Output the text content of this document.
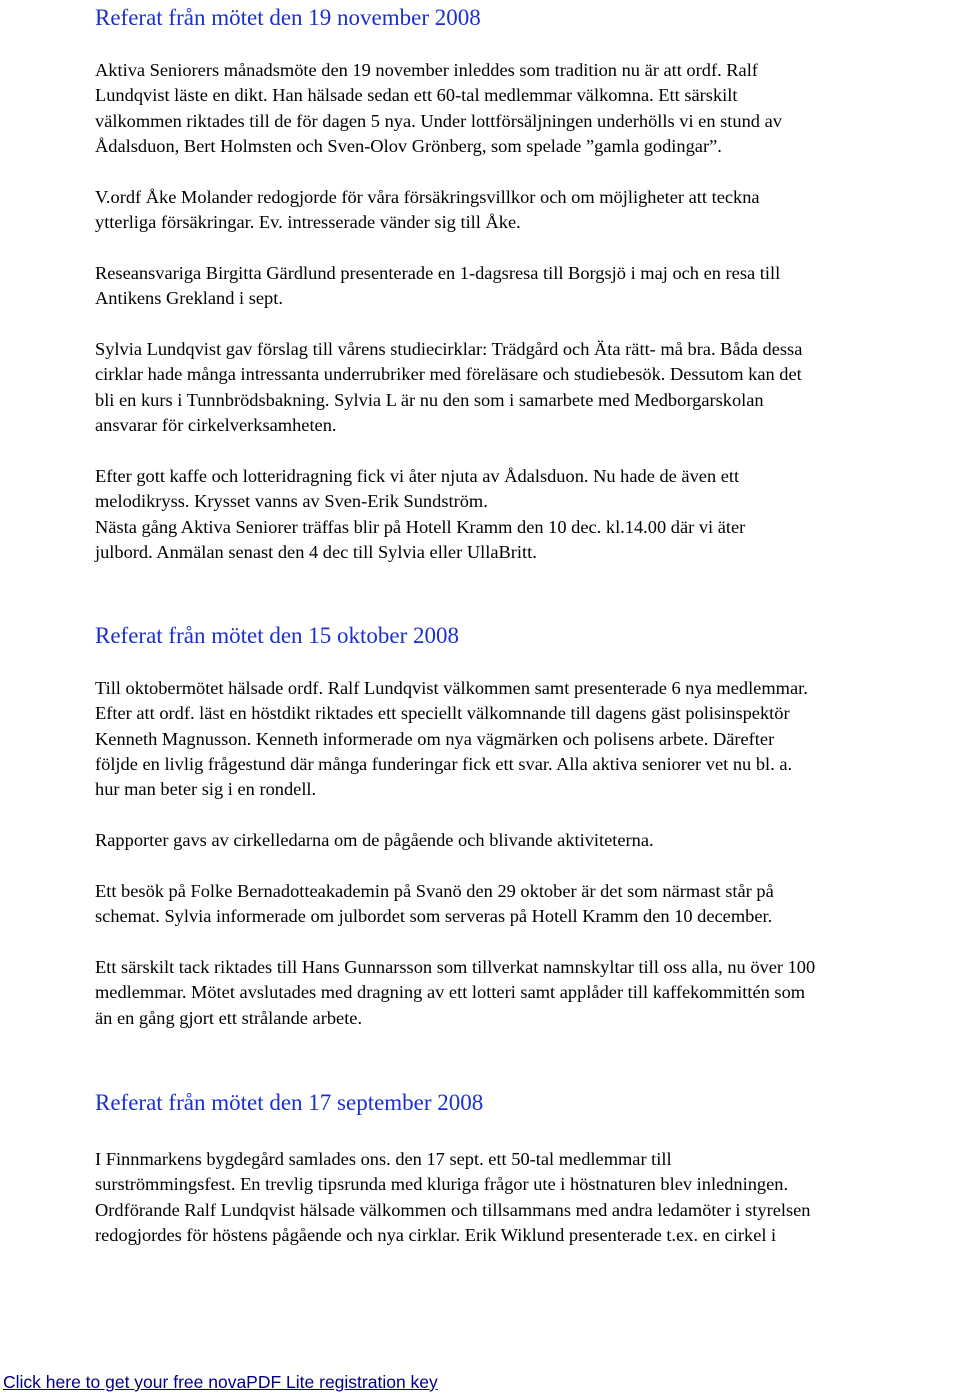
Referat från mötet den 19 november 2008

Aktiva Seniorers månadsmöte den 19 november inleddes som tradition nu är att ordf. Ralf
Lundqvist läste en dikt. Han hälsade sedan ett 60-tal medlemmar välkomna. Ett särskilt
välkommen riktades till de för dagen 5 nya. Under lottförsäljningen underhölls vi en stund av
Ådalsduon, Bert Holmsten och Sven-Olov Grönberg, som spelade ”gamla godingar”.

V.ordf Åke Molander redogjorde för våra försäkringsvillkor och om möjligheter att teckna
ytterliga försäkringar. Ev. intresserade vänder sig till Åke.

Reseansvariga Birgitta Gärdlund presenterade en 1-dagsresa till Borgsjö i maj och en resa till
Antikens Grekland i sept.

Sylvia Lundqvist gav förslag till vårens studiecirklar: Trädgård och Äta rätt- må bra. Båda dessa
cirklar hade många intressanta underrubriker med föreläsare och studiebesök. Dessutom kan det
bli en kurs i Tunnbrödsbakning. Sylvia L är nu den som i samarbete med Medborgarskolan
ansvarar för cirkelverksamheten.

Efter gott kaffe och lotteridragning fick vi åter njuta av Ådalsduon. Nu hade de även ett
melodikryss. Krysset vanns av Sven-Erik Sundström.
Nästa gång Aktiva Seniorer träffas blir på Hotell Kramm den 10 dec. kl.14.00 där vi äter
julbord. Anmälan senast den 4 dec till Sylvia eller UllaBritt.

Referat från mötet den 15 oktober 2008

Till oktobermötet hälsade ordf. Ralf Lundqvist välkommen samt presenterade 6 nya medlemmar.
Efter att ordf. läst en höstdikt riktades ett speciellt välkomnande till dagens gäst polisinspektör
Kenneth Magnusson. Kenneth informerade om nya vägmärken och polisens arbete. Därefter
följde en livlig frågestund där många funderingar fick ett svar. Alla aktiva seniorer vet nu bl. a.
hur man beter sig i en rondell.

Rapporter gavs av cirkelledarna om de pågående och blivande aktiviteterna.

Ett besök på Folke Bernadotteakademin på Svanö den 29 oktober är det som närmast står på
schemat. Sylvia informerade om julbordet som serveras på Hotell Kramm den 10 december.

Ett särskilt tack riktades till Hans Gunnarsson som tillverkat namnskyltar till oss alla, nu över 100
medlemmar. Mötet avslutades med dragning av ett lotteri samt applåder till kaffekommittén som
än en gång gjort ett strålande arbete.

Referat från mötet den 17 september 2008

I Finnmarkens bygdegård samlades ons. den 17 sept. ett 50-tal medlemmar till
surströmmingsfest. En trevlig tipsrunda med kluriga frågor ute i höstnaturen blev inledningen.
Ordförande Ralf Lundqvist hälsade välkommen och tillsammans med andra ledamöter i styrelsen
redogjordes för höstens pågående och nya cirklar. Erik Wiklund presenterade t.ex. en cirkel i

Click here to get your free novaPDF Lite registration key
